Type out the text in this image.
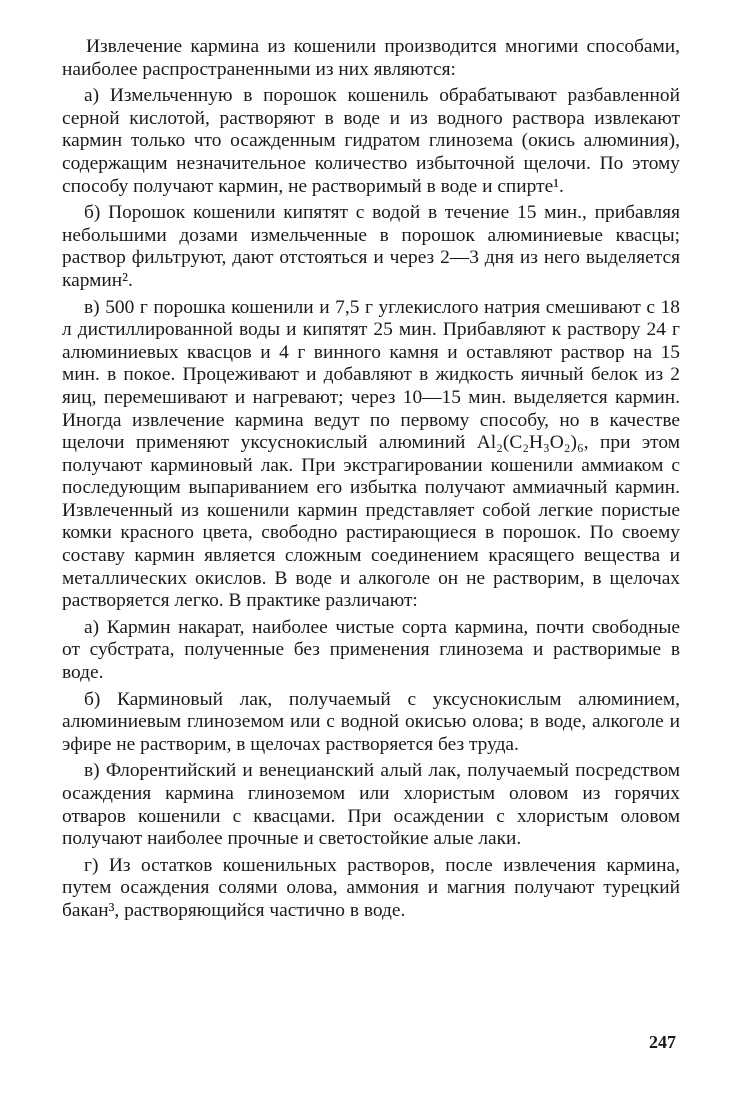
Извлечение кармина из кошенили производится многими способами, наиболее распространенными из них являются:

а) Измельченную в порошок кошениль обрабатывают разбавленной серной кислотой, растворяют в воде и из водного раствора извлекают кармин только что осажденным гидратом глинозема (окись алюминия), содержащим незначительное количество избыточной щелочи. По этому способу получают кармин, не растворимый в воде и спирте¹.

б) Порошок кошенили кипятят с водой в течение 15 мин., прибавляя небольшими дозами измельченные в порошок алюминиевые квасцы; раствор фильтруют, дают отстояться и через 2—3 дня из него выделяется кармин².

в) 500 г порошка кошенили и 7,5 г углекислого натрия смешивают с 18 л дистиллированной воды и кипятят 25 мин. Прибавляют к раствору 24 г алюминиевых квасцов и 4 г винного камня и оставляют раствор на 15 мин. в покое. Процеживают и добавляют в жидкость яичный белок из 2 яиц, перемешивают и нагревают; через 10—15 мин. выделяется кармин. Иногда извлечение кармина ведут по первому способу, но в качестве щелочи применяют уксуснокислый алюминий Al₂(C₂H₃O₂)₆, при этом получают карминовый лак. При экстрагировании кошенили аммиаком с последующим выпариванием его избытка получают аммиачный кармин. Извлеченный из кошенили кармин представляет собой легкие пористые комки красного цвета, свободно растирающиеся в порошок. По своему составу кармин является сложным соединением красящего вещества и металлических окислов. В воде и алкоголе он не растворим, в щелочах растворяется легко. В практике различают:

а) Кармин накарат, наиболее чистые сорта кармина, почти свободные от субстрата, полученные без применения глинозема и растворимые в воде.

б) Карминовый лак, получаемый с уксуснокислым алюминием, алюминиевым глиноземом или с водной окисью олова; в воде, алкоголе и эфире не растворим, в щелочах растворяется без труда.

в) Флорентийский и венецианский алый лак, получаемый посредством осаждения кармина глиноземом или хлористым оловом из горячих отваров кошенили с квасцами. При осаждении с хлористым оловом получают наиболее прочные и светостойкие алые лаки.

г) Из остатков кошенильных растворов, после извлечения кармина, путем осаждения солями олова, аммония и магния получают турецкий бакан³, растворяющийся частично в воде.

247
